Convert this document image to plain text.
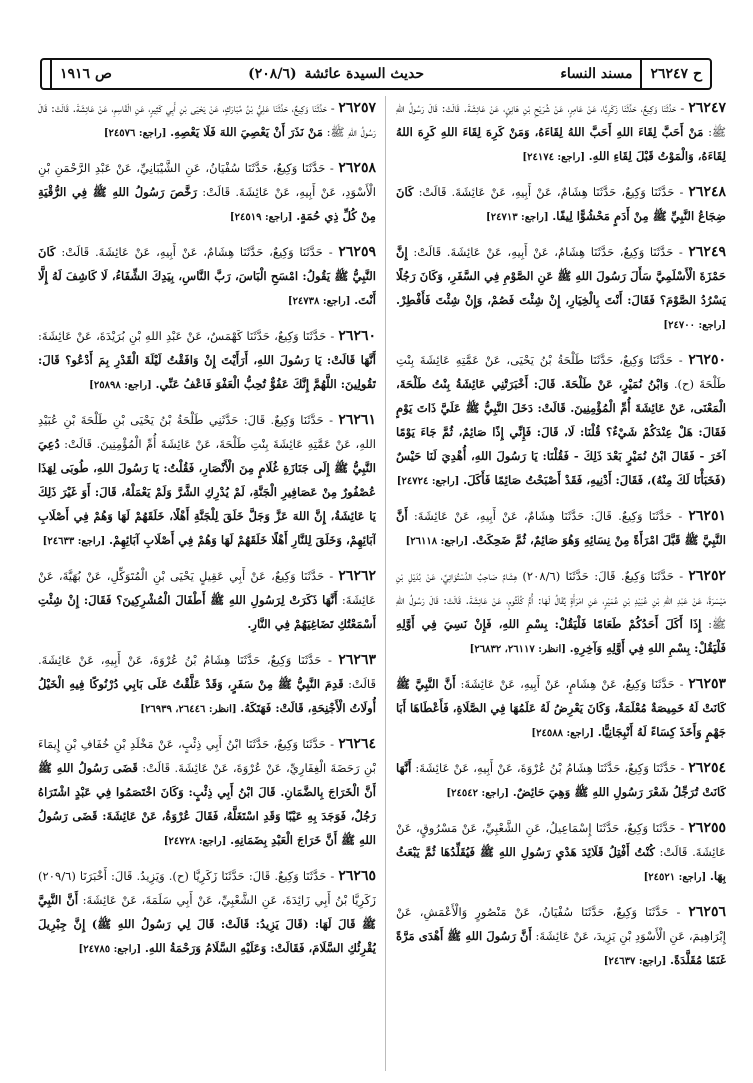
ص ١٩١٦	حديث السيدة عائشة
(٢٠٨/٦)	ح ٢٦٢٤٧
مسند النساء

٢٦٢٤٧ - حَدَّثَنَا وَكِيعٌ، حَدَّثَنَا زَكَرِيَّا، عَنْ عَامِرٍ، عَنْ شُرَيْحِ بْنِ هَانِئٍ، عَنْ عَائِشَةَ. قَالَتْ: قَالَ رَسُولُ اللهِ ﷺ: مَنْ أَحَبَّ لِقَاءَ اللهِ أَحَبَّ اللهُ لِقَاءَهُ، وَمَنْ كَرِهَ لِقَاءَ اللهِ كَرِهَ اللهُ لِقَاءَهُ، وَالْمَوْتُ قَبْلَ لِقَاءِ اللهِ. [راجع: ٢٤١٧٤]

٢٦٢٤٨ - حَدَّثَنَا وَكِيعٌ، حَدَّثَنَا هِشَامٌ، عَنْ أَبِيهِ، عَنْ عَائِشَةَ. قَالَتْ: كَانَ ضِجَاعُ النَّبِيِّ ﷺ مِنْ أَدَمٍ مَحْشُوًّا لِيفًا. [راجع: ٢٤٧١٣]

٢٦٢٤٩ - حَدَّثَنَا وَكِيعٌ، حَدَّثَنَا هِشَامٌ، عَنْ أَبِيهِ، عَنْ عَائِشَةَ. قَالَتْ: إِنَّ حَمْزَةَ الْأَسْلَمِيَّ سَأَلَ رَسُولَ اللهِ ﷺ عَنِ الصَّوْمِ فِي السَّفَرِ، وَكَانَ رَجُلًا يَسْرُدُ الصَّوْمَ؟ فَقَالَ: أَنْتَ بِالْخِيَارِ، إِنْ شِئْتَ فَصُمْ، وَإِنْ شِئْتَ فَأَفْطِرْ. [راجع: ٢٤٧٠٠]

٢٦٢٥٠ - حَدَّثَنَا وَكِيعٌ، حَدَّثَنَا طَلْحَةُ بْنُ يَحْيَى، عَنْ عَمَّتِهِ عَائِشَةَ بِنْتِ طَلْحَةَ (ح). وَابْنُ نُمَيْرٍ، عَنْ طَلْحَةَ. قَالَ: أَخْبَرَتْنِي عَائِشَةُ بِنْتُ طَلْحَةَ، الْمَعْنَى، عَنْ عَائِشَةَ أُمِّ الْمُؤْمِنِينَ. قَالَتْ: دَخَلَ النَّبِيُّ ﷺ عَلَيَّ ذَاتَ يَوْمٍ فَقَالَ: هَلْ عِنْدَكُمْ شَيْءٌ؟ قُلْنَا: لَا، قَالَ: فَإِنِّي إِذًا صَائِمٌ، ثُمَّ جَاءَ يَوْمًا آخَرَ - فَقَالَ ابْنُ نُمَيْرٍ بَعْدَ ذَلِكَ - فَقُلْنَا: يَا رَسُولَ اللهِ، أُهْدِيَ لَنَا حَيْسٌ (فَخَبَأْنَا لَكَ مِنْهُ)، فَقَالَ: أَدْنِيهِ، فَقَدْ أَصْبَحْتُ صَائِمًا فَأَكَلَ. [راجع: ٢٤٧٢٤]

٢٦٢٥١ - حَدَّثَنَا وَكِيعٌ. قَالَ: حَدَّثَنَا هِشَامٌ، عَنْ أَبِيهِ، عَنْ عَائِشَةَ: أَنَّ النَّبِيَّ ﷺ قَبَّلَ امْرَأَةً مِنْ نِسَائِهِ وَهُوَ صَائِمٌ، ثُمَّ ضَحِكَتْ. [راجع: ٢٦١١٨]

٢٦٢٥٢ - حَدَّثَنَا وَكِيعٌ. قَالَ: حَدَّثَنَا (٢٠٨/٦) هِشَامٌ صَاحِبُ الدَّسْتُوَائِيِّ، عَنْ بُدَيْلِ بْنِ مَيْسَرَةَ، عَنْ عَبْدِ اللهِ بْنِ عُبَيْدِ بْنِ عُمَيْرٍ، عَنِ امْرَأَةٍ يُقَالُ لَهَا: أُمُّ كُلْثُومٍ، عَنْ عَائِشَةَ. قَالَتْ: قَالَ رَسُولُ اللهِ ﷺ: إِذَا أَكَلَ أَحَدُكُمْ طَعَامًا فَلْيَقُلْ: بِسْمِ اللهِ، فَإِنْ نَسِيَ فِي أَوَّلِهِ فَلْيَقُلْ: بِسْمِ اللهِ فِي أَوَّلِهِ وَآخِرِهِ. [انظر: ٢٦١١٧، ٢٦٨٣٢]

٢٦٢٥٣ - حَدَّثَنَا وَكِيعٌ، عَنْ هِشَامٍ، عَنْ أَبِيهِ، عَنْ عَائِشَةَ: أَنَّ النَّبِيَّ ﷺ كَانَتْ لَهُ خَمِيصَةٌ مُعْلَمَةٌ، وَكَانَ يَعْرِضُ لَهُ عَلَمُهَا فِي الصَّلَاةِ، فَأَعْطَاهَا أَبَا جَهْمٍ وَأَخَذَ كِسَاءً لَهُ أَنْبِجَانِيًّا. [راجع: ٢٤٥٨٨]

٢٦٢٥٤ - حَدَّثَنَا وَكِيعٌ، حَدَّثَنَا هِشَامُ بْنُ عُرْوَةَ، عَنْ أَبِيهِ، عَنْ عَائِشَةَ: أَنَّهَا كَانَتْ تُرَجِّلُ شَعْرَ رَسُولِ اللهِ ﷺ وَهِيَ حَائِضٌ. [راجع: ٢٤٥٤٢]

٢٦٢٥٥ - حَدَّثَنَا وَكِيعٌ، حَدَّثَنَا إِسْمَاعِيلُ، عَنِ الشَّعْبِيِّ، عَنْ مَسْرُوقٍ، عَنْ عَائِشَةَ. قَالَتْ: كُنْتُ أَفْتِلُ قَلَائِدَ هَدْيِ رَسُولِ اللهِ ﷺ فَيُقَلِّدُهَا ثُمَّ يَبْعَثُ بِهَا. [راجع: ٢٤٥٢١]

٢٦٢٥٦ - حَدَّثَنَا وَكِيعٌ، حَدَّثَنَا سُفْيَانُ، عَنْ مَنْصُورٍ وَالْأَعْمَشِ، عَنْ إِبْرَاهِيمَ، عَنِ الْأَسْوَدِ بْنِ يَزِيدَ، عَنْ عَائِشَةَ: أَنَّ رَسُولَ اللهِ ﷺ أَهْدَى مَرَّةً غَنَمًا مُقَلَّدَةً. [راجع: ٢٤٦٣٧]

٢٦٢٥٧ - حَدَّثَنَا وَكِيعٌ، حَدَّثَنَا عَلِيُّ بْنُ مُبَارَكٍ، عَنْ يَحْيَى بْنِ أَبِي كَثِيرٍ، عَنِ الْقَاسِمِ، عَنْ عَائِشَةَ. قَالَتْ: قَالَ رَسُولُ اللهِ ﷺ: مَنْ نَذَرَ أَنْ يَعْصِيَ اللهَ فَلَا يَعْصِهِ. [راجع: ٢٤٥٧٦]

٢٦٢٥٨ - حَدَّثَنَا وَكِيعٌ، حَدَّثَنَا سُفْيَانُ، عَنِ الشَّيْبَانِيِّ، عَنْ عَبْدِ الرَّحْمَنِ بْنِ الْأَسْوَدِ، عَنْ أَبِيهِ، عَنْ عَائِشَةَ. قَالَتْ: رَخَّصَ رَسُولُ اللهِ ﷺ فِي الرُّقْيَةِ مِنْ كُلِّ ذِي حُمَةٍ. [راجع: ٢٤٥١٩]

٢٦٢٥٩ - حَدَّثَنَا وَكِيعٌ، حَدَّثَنَا هِشَامٌ، عَنْ أَبِيهِ، عَنْ عَائِشَةَ. قَالَتْ: كَانَ النَّبِيُّ ﷺ يَقُولُ: امْسَحِ الْبَاسَ، رَبَّ النَّاسِ، بِيَدِكَ الشِّفَاءُ، لَا كَاشِفَ لَهُ إِلَّا أَنْتَ. [راجع: ٢٤٧٣٨]

٢٦٢٦٠ - حَدَّثَنَا وَكِيعٌ، حَدَّثَنَا كَهْمَسٌ، عَنْ عَبْدِ اللهِ بْنِ بُرَيْدَةَ، عَنْ عَائِشَةَ: أَنَّهَا قَالَتْ: يَا رَسُولَ اللهِ، أَرَأَيْتَ إِنْ وَافَقْتُ لَيْلَةَ الْقَدْرِ بِمَ أَدْعُو؟ قَالَ: تَقُولِينَ: اللَّهُمَّ إِنَّكَ عَفُوٌّ تُحِبُّ الْعَفْوَ فَاعْفُ عَنِّي. [راجع: ٢٥٨٩٨]

٢٦٢٦١ - حَدَّثَنَا وَكِيعٌ. قَالَ: حَدَّثَنِي طَلْحَةُ بْنُ يَحْيَى بْنِ طَلْحَةَ بْنِ عُبَيْدِ اللهِ، عَنْ عَمَّتِهِ عَائِشَةَ بِنْتِ طَلْحَةَ، عَنْ عَائِشَةَ أُمِّ الْمُؤْمِنِينَ. قَالَتْ: دُعِيَ النَّبِيُّ ﷺ إِلَى جَنَازَةِ غُلَامٍ مِنَ الْأَنْصَارِ، فَقُلْتُ: يَا رَسُولَ اللهِ، طُوبَى لِهَذَا عُصْفُورٌ مِنْ عَصَافِيرِ الْجَنَّةِ، لَمْ يُدْرِكِ الشَّرَّ وَلَمْ يَعْمَلْهُ، قَالَ: أَوَ غَيْرَ ذَلِكَ يَا عَائِشَةُ، إِنَّ اللهَ عَزَّ وَجَلَّ خَلَقَ لِلْجَنَّةِ أَهْلًا، خَلَقَهُمْ لَهَا وَهُمْ فِي أَصْلَابِ آبَائِهِمْ، وَخَلَقَ لِلنَّارِ أَهْلًا خَلَقَهُمْ لَهَا وَهُمْ فِي أَصْلَابِ آبَائِهِمْ. [راجع: ٢٤٦٣٣]

٢٦٢٦٢ - حَدَّثَنَا وَكِيعٌ، عَنْ أَبِي عَقِيلٍ يَحْيَى بْنِ الْمُتَوَكِّلِ، عَنْ بُهَيَّةَ، عَنْ عَائِشَةَ: أَنَّهَا ذَكَرَتْ لِرَسُولِ اللهِ ﷺ أَطْفَالَ الْمُشْرِكِينَ؟ فَقَالَ: إِنْ شِئْتِ أَسْمَعْتُكِ تَضَاغِيَهُمْ فِي النَّارِ.

٢٦٢٦٣ - حَدَّثَنَا وَكِيعٌ، حَدَّثَنَا هِشَامُ بْنُ عُرْوَةَ، عَنْ أَبِيهِ، عَنْ عَائِشَةَ. قَالَتْ: قَدِمَ النَّبِيُّ ﷺ مِنْ سَفَرٍ، وَقَدْ عَلَّقْتُ عَلَى بَابِي دُرْنُوكًا فِيهِ الْخَيْلُ أُولَاتُ الْأَجْنِحَةِ، قَالَتْ: فَهَتَكَهُ. [انظر: ٢٦٤٤٦، ٢٦٩٣٩]

٢٦٢٦٤ - حَدَّثَنَا وَكِيعٌ، حَدَّثَنَا ابْنُ أَبِي ذِئْبٍ، عَنْ مَخْلَدِ بْنِ خُفَافِ بْنِ إِيمَاءَ بْنِ رَحَضَةَ الْغِفَارِيِّ، عَنْ عُرْوَةَ، عَنْ عَائِشَةَ. قَالَتْ: قَضَى رَسُولُ اللهِ ﷺ أَنَّ الْخَرَاجَ بِالضَّمَانِ. قَالَ ابْنُ أَبِي ذِئْبٍ: وَكَانَ اخْتَصَمُوا فِي عَبْدٍ اشْتَرَاهُ رَجُلٌ، فَوَجَدَ بِهِ عَيْبًا وَقَدِ اسْتَغَلَّهُ، فَقَالَ عُرْوَةُ، عَنْ عَائِشَةَ: قَضَى رَسُولُ اللهِ ﷺ أَنَّ خَرَاجَ الْعَبْدِ بِضَمَانِهِ. [راجع: ٢٤٧٢٨]

٢٦٢٦٥ - حَدَّثَنَا وَكِيعٌ. قَالَ: حَدَّثَنَا زَكَرِيَّا (ح). وَيَزِيدُ. قَالَ: أَخْبَرَنَا (٢٠٩/٦) زَكَرِيَّا بْنُ أَبِي زَائِدَةَ، عَنِ الشَّعْبِيِّ، عَنْ أَبِي سَلَمَةَ، عَنْ عَائِشَةَ: أَنَّ النَّبِيَّ ﷺ قَالَ لَهَا: (قَالَ يَزِيدُ: قَالَتْ: قَالَ لِي رَسُولُ اللهِ ﷺ) إِنَّ جِبْرِيلَ يُقْرِئُكِ السَّلَامَ، فَقَالَتْ: وَعَلَيْهِ السَّلَامُ وَرَحْمَةُ اللهِ. [راجع: ٢٤٧٨٥]
